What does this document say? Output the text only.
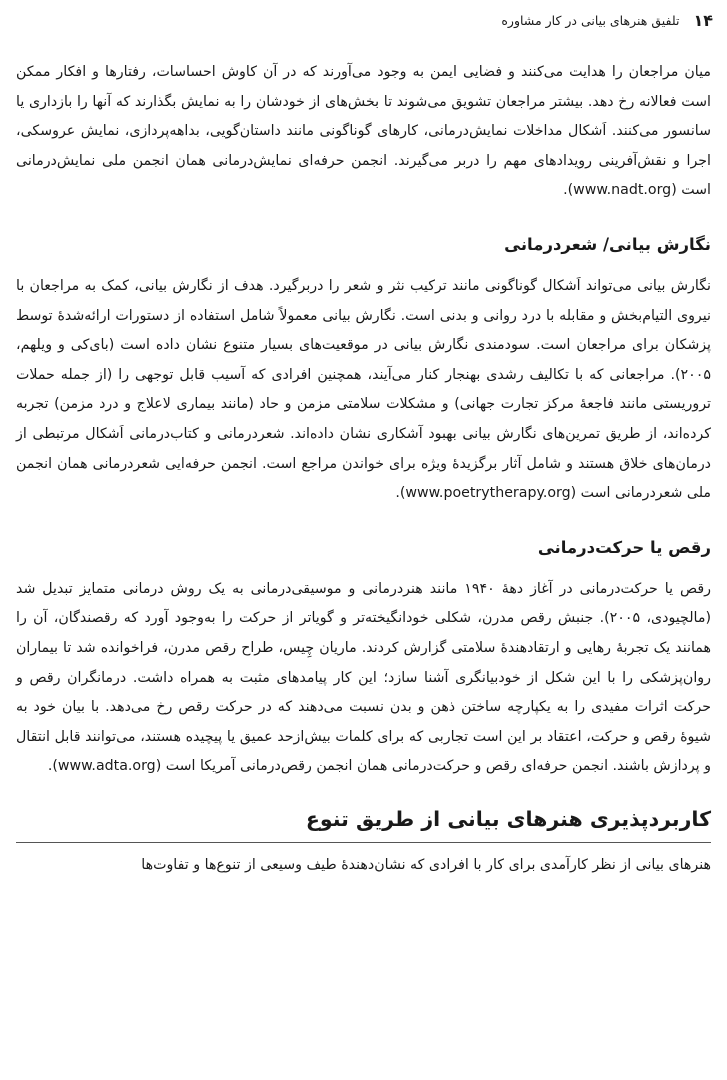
۱۴
تلفیق هنرهای بیانی در کار مشاوره

میان مراجعان را هدایت می‌کنند و فضایی ایمن به وجود می‌آورند که در آن کاوش احساسات، رفتارها و افکار ممکن است فعالانه رخ دهد. بیشتر مراجعان تشویق می‌شوند تا بخش‌های از خودشان را به نمایش بگذارند که آنها را بازداری یا سانسور می‌کنند. اَشکال مداخلات نمایش‌درمانی، کارهای گوناگونی مانند داستان‌گویی، بداهه‌پردازی، نمایش عروسکی، اجرا و نقش‌آفرینی رویدادهای مهم را دربر می‌گیرند. انجمن حرفه‌ای نمایش‌درمانی همان انجمن ملی نمایش‌درمانی است (www.nadt.org).

نگارش بیانی/ شعردرمانی

نگارش بیانی می‌تواند اَشکال گوناگونی مانند ترکیب نثر و شعر را دربرگیرد. هدف از نگارش بیانی، کمک به مراجعان با نیروی التیام‌بخش و مقابله با درد روانی و بدنی است. نگارش بیانی معمولاً شامل استفاده از دستورات ارائه‌شدهٔ توسط پزشکان برای مراجعان است. سودمندی نگارش بیانی در موقعیت‌های بسیار متنوع نشان داده است (بای‌کی و ویلهم، ۲۰۰۵). مراجعانی که با تکالیف رشدی بهنجار کنار می‌آیند، همچنین افرادی که آسیب قابل توجهی را (از جمله حملات تروریستی مانند فاجعهٔ مرکز تجارت جهانی) و مشکلات سلامتی مزمن و حاد (مانند بیماری لاعلاج و درد مزمن) تجربه کرده‌اند، از طریق تمرین‌های نگارش بیانی بهبود آشکاری نشان داده‌اند. شعردرمانی و کتاب‌درمانی اَشکال مرتبطی از درمان‌های خلاق هستند و شامل آثار برگزیدهٔ ویژه برای خواندن مراجع است. انجمن حرفه‌ایی شعردرمانی همان انجمن ملی شعردرمانی است (www.poetrytherapy.org).

رقص یا حرکت‌درمانی

رقص یا حرکت‌درمانی در آغاز دههٔ ۱۹۴۰ مانند هنردرمانی و موسیقی‌درمانی به یک روش درمانی متمایز تبدیل شد (مالچیودی، ۲۰۰۵). جنبش رقص مدرن، شکلی خودانگیخته‌تر و گویاتر از حرکت را به‌وجود آورد که رقصندگان، آن را همانند یک تجربهٔ رهایی و ارتقادهندهٔ سلامتی گزارش کردند. ماریان چِیس، طراح رقص مدرن، فراخوانده شد تا بیماران روان‌پزشکی را با این شکل از خودبیانگری آشنا سازد؛ این کار پیامدهای مثبت به همراه داشت. درمانگران رقص و حرکت اثرات مفیدی را به یکپارچه ساختن ذهن و بدن نسبت می‌دهند که در حرکت رقص رخ می‌دهد. با بیان خود به شیوهٔ رقص و حرکت، اعتقاد بر این است تجاربی که برای کلمات بیش‌ازحد عمیق یا پیچیده هستند، می‌توانند قابل انتقال و پردازش باشند. انجمن حرفه‌ای رقص و حرکت‌درمانی همان انجمن رقص‌درمانی آمریکا است (www.adta.org).

کاربردپذیری هنرهای بیانی از طریق تنوع

هنرهای بیانی از نظر کارآمدی برای کار با افرادی که نشان‌دهندهٔ طیف وسیعی از تنوع‌ها و تفاوت‌ها
